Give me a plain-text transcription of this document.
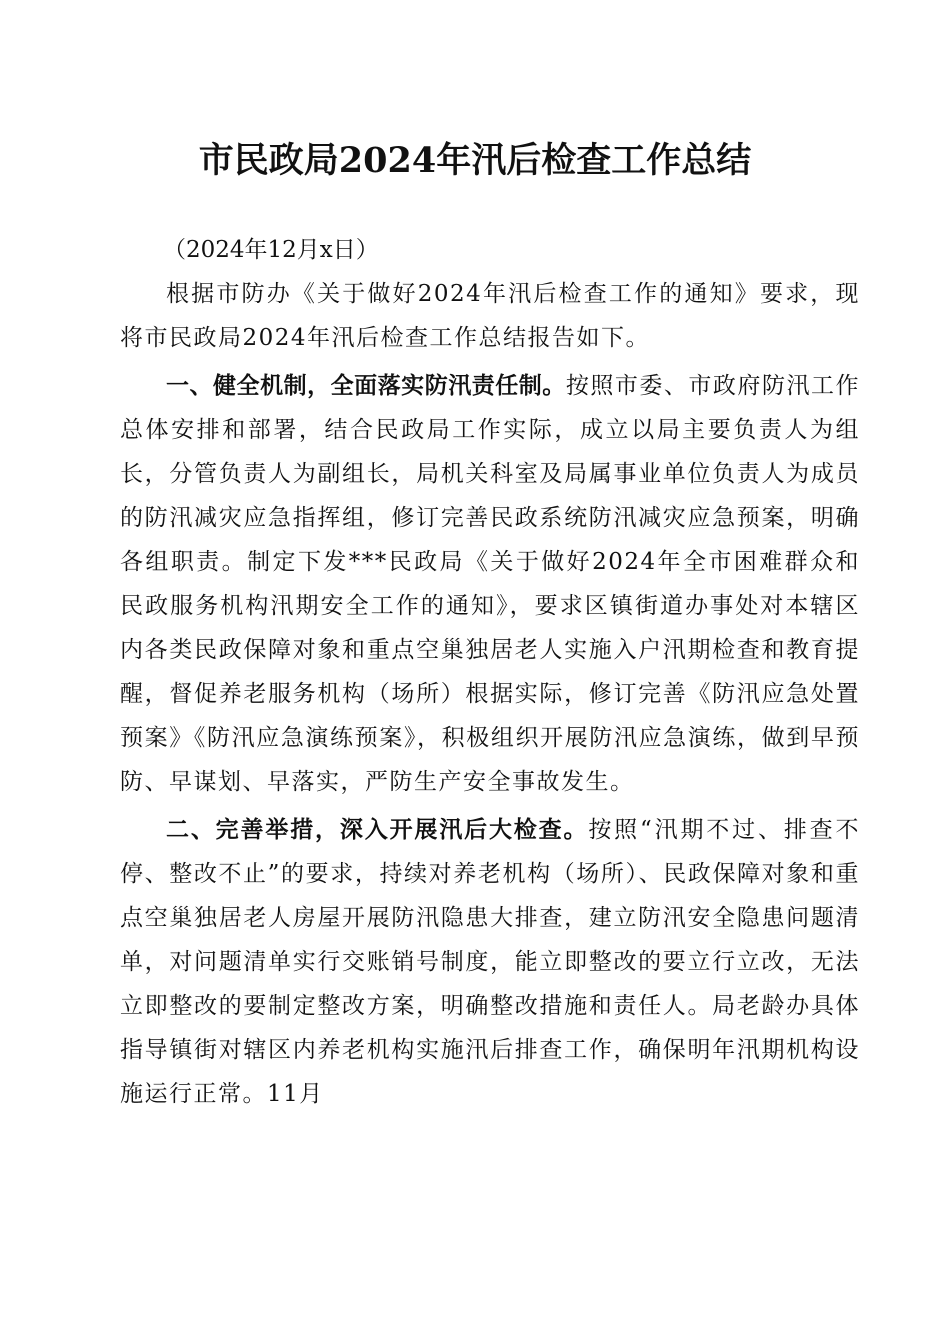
市民政局2024年汛后检查工作总结

（2024年12月x日）

根据市防办《关于做好2024年汛后检查工作的通知》要求，现将市民政局2024年汛后检查工作总结报告如下。

一、健全机制，全面落实防汛责任制。按照市委、市政府防汛工作总体安排和部署，结合民政局工作实际，成立以局主要负责人为组长，分管负责人为副组长，局机关科室及局属事业单位负责人为成员的防汛减灾应急指挥组，修订完善民政系统防汛减灾应急预案，明确各组职责。制定下发***民政局《关于做好2024年全市困难群众和民政服务机构汛期安全工作的通知》，要求区镇街道办事处对本辖区内各类民政保障对象和重点空巢独居老人实施入户汛期检查和教育提醒，督促养老服务机构（场所）根据实际，修订完善《防汛应急处置预案》《防汛应急演练预案》，积极组织开展防汛应急演练，做到早预防、早谋划、早落实，严防生产安全事故发生。

二、完善举措，深入开展汛后大检查。按照“汛期不过、排查不停、整改不止”的要求，持续对养老机构（场所）、民政保障对象和重点空巢独居老人房屋开展防汛隐患大排查，建立防汛安全隐患问题清单，对问题清单实行交账销号制度，能立即整改的要立行立改，无法立即整改的要制定整改方案，明确整改措施和责任人。局老龄办具体指导镇街对辖区内养老机构实施汛后排查工作，确保明年汛期机构设施运行正常。11月
